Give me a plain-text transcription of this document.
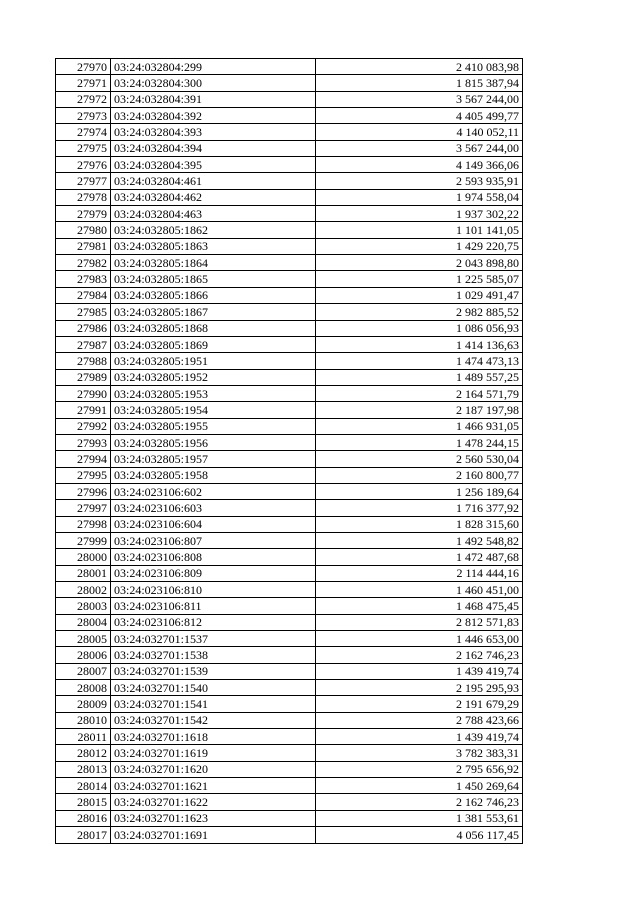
27970	03:24:032804:299	2 410 083,98
27971	03:24:032804:300	1 815 387,94
27972	03:24:032804:391	3 567 244,00
27973	03:24:032804:392	4 405 499,77
27974	03:24:032804:393	4 140 052,11
27975	03:24:032804:394	3 567 244,00
27976	03:24:032804:395	4 149 366,06
27977	03:24:032804:461	2 593 935,91
27978	03:24:032804:462	1 974 558,04
27979	03:24:032804:463	1 937 302,22
27980	03:24:032805:1862	1 101 141,05
27981	03:24:032805:1863	1 429 220,75
27982	03:24:032805:1864	2 043 898,80
27983	03:24:032805:1865	1 225 585,07
27984	03:24:032805:1866	1 029 491,47
27985	03:24:032805:1867	2 982 885,52
27986	03:24:032805:1868	1 086 056,93
27987	03:24:032805:1869	1 414 136,63
27988	03:24:032805:1951	1 474 473,13
27989	03:24:032805:1952	1 489 557,25
27990	03:24:032805:1953	2 164 571,79
27991	03:24:032805:1954	2 187 197,98
27992	03:24:032805:1955	1 466 931,05
27993	03:24:032805:1956	1 478 244,15
27994	03:24:032805:1957	2 560 530,04
27995	03:24:032805:1958	2 160 800,77
27996	03:24:023106:602	1 256 189,64
27997	03:24:023106:603	1 716 377,92
27998	03:24:023106:604	1 828 315,60
27999	03:24:023106:807	1 492 548,82
28000	03:24:023106:808	1 472 487,68
28001	03:24:023106:809	2 114 444,16
28002	03:24:023106:810	1 460 451,00
28003	03:24:023106:811	1 468 475,45
28004	03:24:023106:812	2 812 571,83
28005	03:24:032701:1537	1 446 653,00
28006	03:24:032701:1538	2 162 746,23
28007	03:24:032701:1539	1 439 419,74
28008	03:24:032701:1540	2 195 295,93
28009	03:24:032701:1541	2 191 679,29
28010	03:24:032701:1542	2 788 423,66
28011	03:24:032701:1618	1 439 419,74
28012	03:24:032701:1619	3 782 383,31
28013	03:24:032701:1620	2 795 656,92
28014	03:24:032701:1621	1 450 269,64
28015	03:24:032701:1622	2 162 746,23
28016	03:24:032701:1623	1 381 553,61
28017	03:24:032701:1691	4 056 117,45
